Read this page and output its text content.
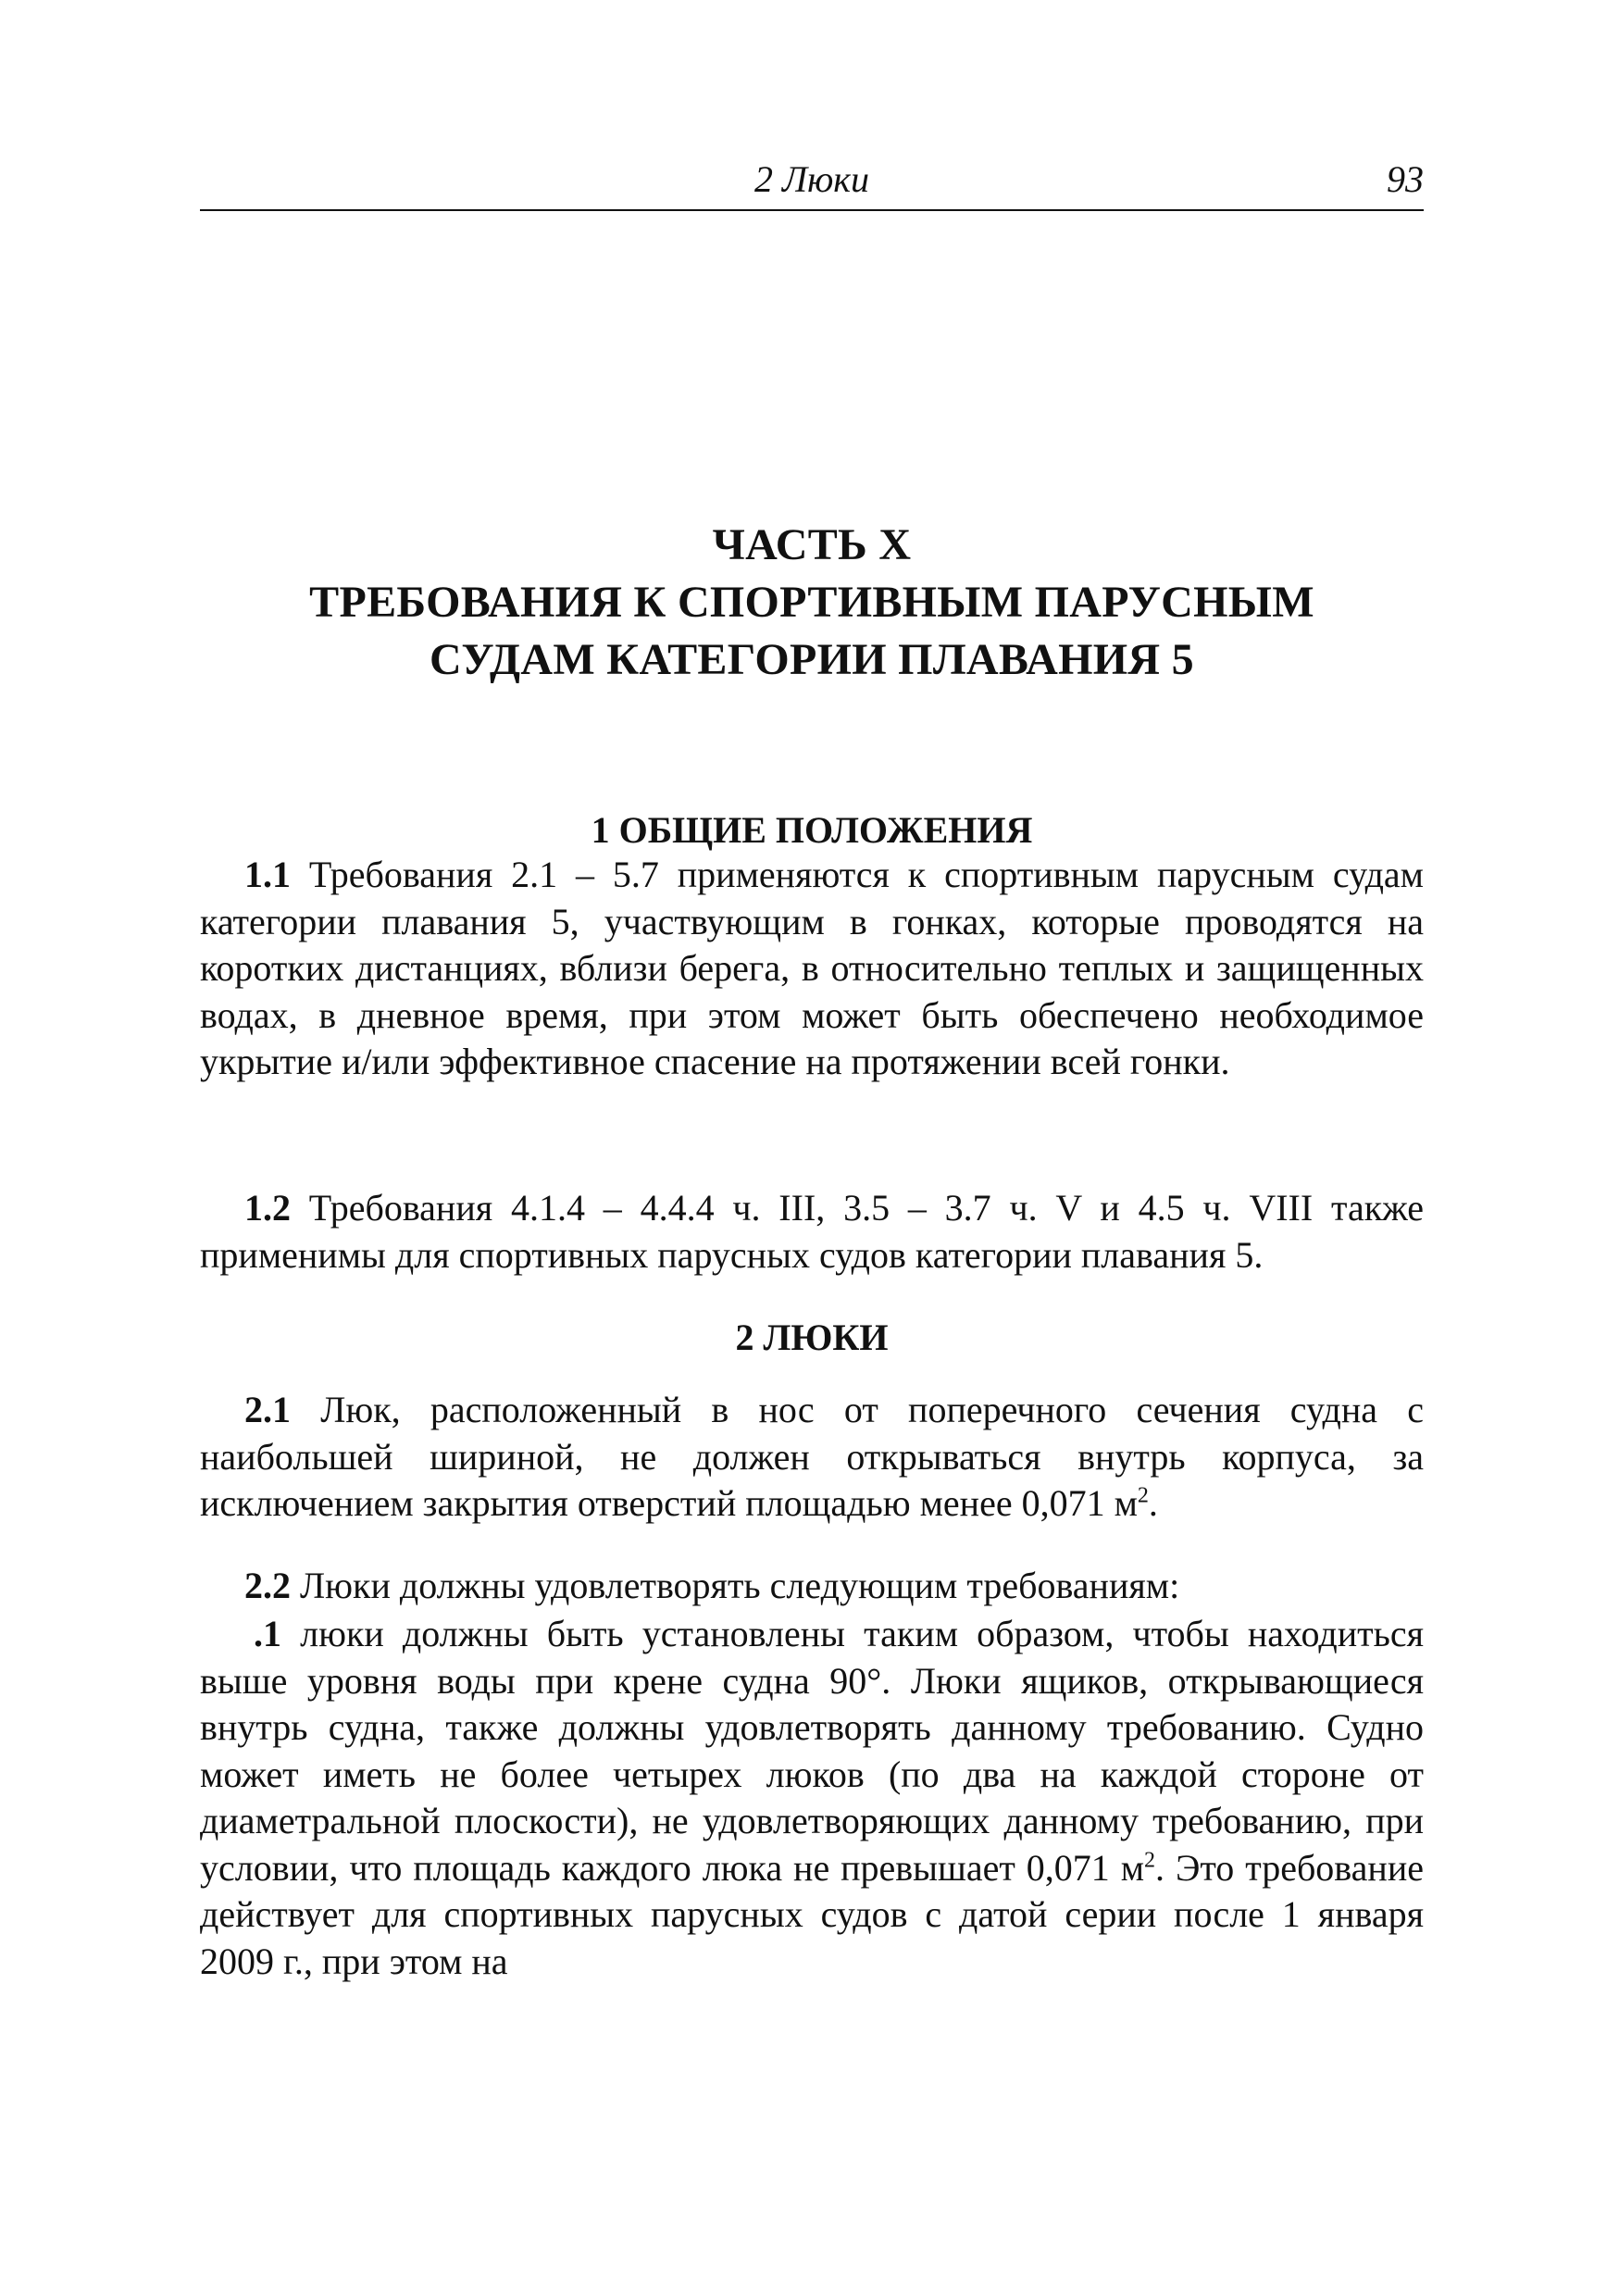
2 Люки	93
ЧАСТЬ X
ТРЕБОВАНИЯ К СПОРТИВНЫМ ПАРУСНЫМ
СУДАМ КАТЕГОРИИ ПЛАВАНИЯ 5
1 ОБЩИЕ ПОЛОЖЕНИЯ

1.1 Требования 2.1 – 5.7 применяются к спортивным парусным судам категории плавания 5, участвующим в гонках, которые проводятся на коротких дистанциях, вблизи берега, в относительно теплых и защищенных водах, в дневное время, при этом может быть обеспечено необходимое укрытие и/или эффективное спасение на протяжении всей гонки.

1.2 Требования 4.1.4 – 4.4.4 ч. III, 3.5 – 3.7 ч. V и 4.5 ч. VIII также применимы для спортивных парусных судов категории плавания 5.

2 ЛЮКИ

2.1 Люк, расположенный в нос от поперечного сечения судна с наибольшей шириной, не должен открываться внутрь корпуса, за исключением закрытия отверстий площадью менее 0,071 $м^2$.

2.2 Люки должны удовлетворять следующим требованиям:

.1 люки должны быть установлены таким образом, чтобы находиться выше уровня воды при крене судна 90°. Люки ящиков, открывающиеся внутрь судна, также должны удовлетворять данному требованию. Судно может иметь не более четырех люков (по два на каждой стороне от диаметральной плоскости), не удовлетворяющих данному требованию, при условии, что площадь каждого люка не превышает 0,071 $м^2$. Это требование действует для спортивных парусных судов с датой серии после 1 января 2009 г., при этом на
